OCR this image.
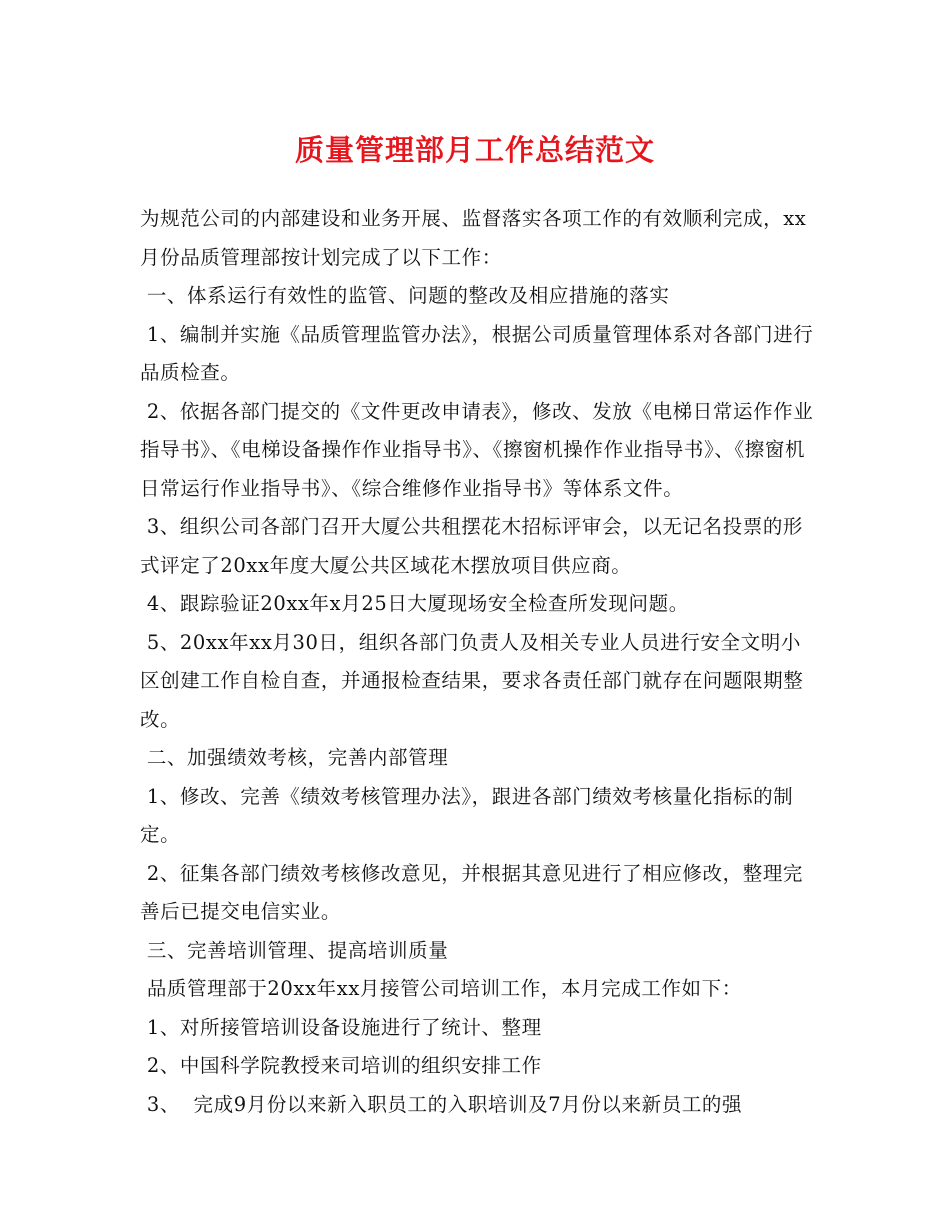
质量管理部月工作总结范文

为规范公司的内部建设和业务开展、监督落实各项工作的有效顺利完成，xx月份品质管理部按计划完成了以下工作：

一、体系运行有效性的监管、问题的整改及相应措施的落实

1、编制并实施《品质管理监管办法》，根据公司质量管理体系对各部门进行品质检查。

2、依据各部门提交的《文件更改申请表》，修改、发放《电梯日常运作作业指导书》、《电梯设备操作作业指导书》、《擦窗机操作作业指导书》、《擦窗机日常运行作业指导书》、《综合维修作业指导书》等体系文件。

3、组织公司各部门召开大厦公共租摆花木招标评审会，以无记名投票的形式评定了20xx年度大厦公共区域花木摆放项目供应商。

4、跟踪验证20xx年x月25日大厦现场安全检查所发现问题。

5、20xx年xx月30日，组织各部门负责人及相关专业人员进行安全文明小区创建工作自检自查，并通报检查结果，要求各责任部门就存在问题限期整改。

二、加强绩效考核，完善内部管理

1、修改、完善《绩效考核管理办法》，跟进各部门绩效考核量化指标的制定。

2、征集各部门绩效考核修改意见，并根据其意见进行了相应修改，整理完善后已提交电信实业。

三、完善培训管理、提高培训质量

品质管理部于20xx年xx月接管公司培训工作，本月完成工作如下：

1、对所接管培训设备设施进行了统计、整理

2、中国科学院教授来司培训的组织安排工作

3、  完成9月份以来新入职员工的入职培训及7月份以来新员工的强
